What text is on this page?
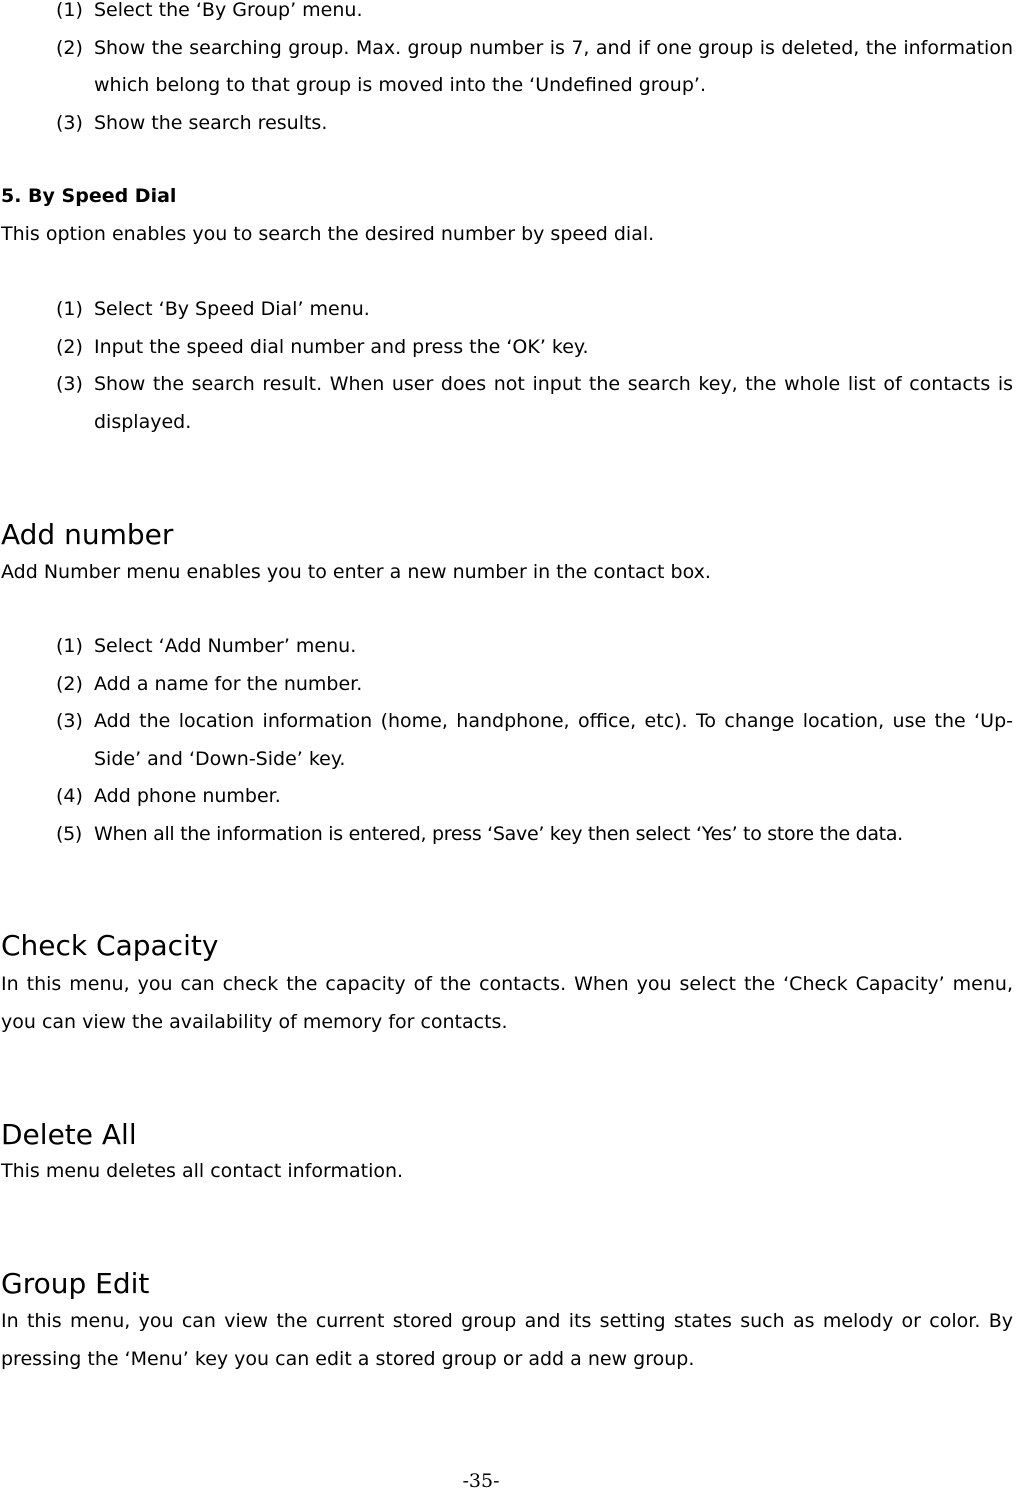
(1) Select the ‘By Group’ menu.
(2) Show the searching group. Max. group number is 7, and if one group is deleted, the information which belong to that group is moved into the ‘Undefined group’.
(3) Show the search results.
5. By Speed Dial

This option enables you to search the desired number by speed dial.

(1) Select ‘By Speed Dial’ menu.
(2) Input the speed dial number and press the ‘OK’ key.
(3) Show the search result. When user does not input the search key, the whole list of contacts is displayed.
Add number

Add Number menu enables you to enter a new number in the contact box.

(1) Select ‘Add Number’ menu.
(2) Add a name for the number.
(3) Add the location information (home, handphone, office, etc). To change location, use the ‘Up-Side’ and ‘Down-Side’ key.
(4) Add phone number.
(5) When all the information is entered, press ‘Save’ key then select ‘Yes’ to store the data.
Check Capacity

In this menu, you can check the capacity of the contacts. When you select the ‘Check Capacity’ menu, you can view the availability of memory for contacts.

Delete All

This menu deletes all contact information.

Group Edit

In this menu, you can view the current stored group and its setting states such as melody or color. By pressing the ‘Menu’ key you can edit a stored group or add a new group.

-35-
